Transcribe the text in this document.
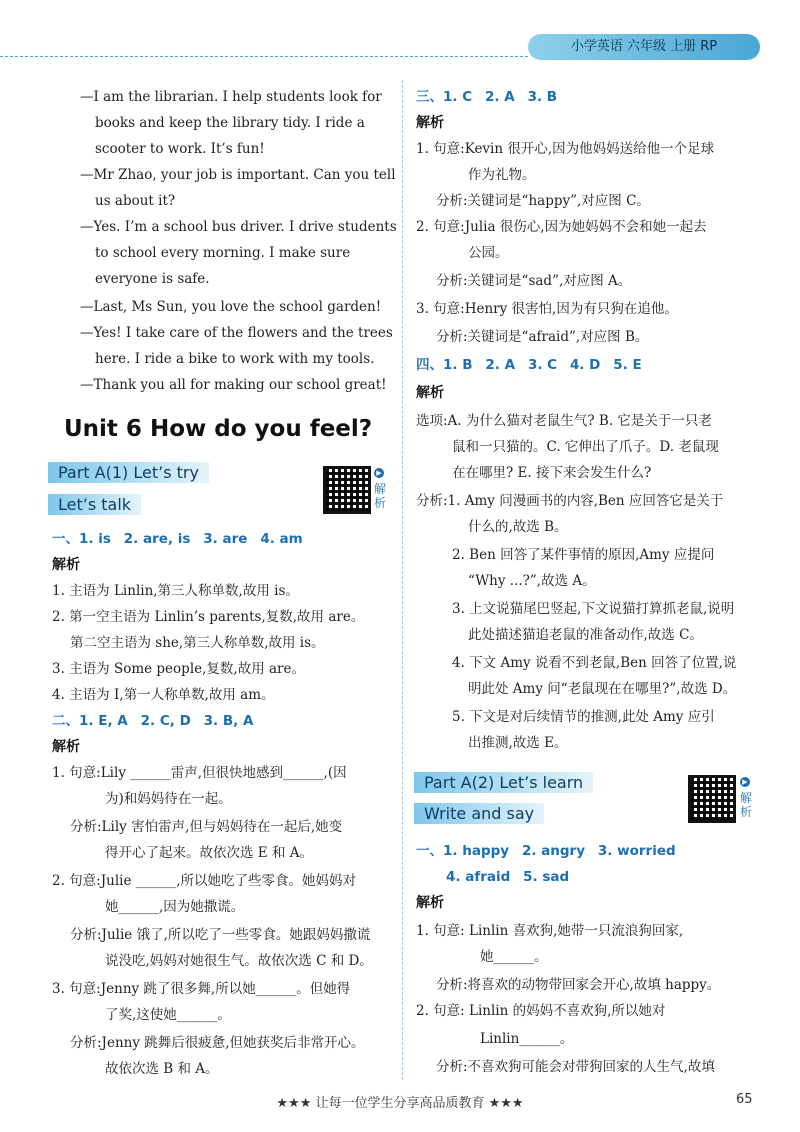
小学英语 六年级 上册 RP
—I am the librarian. I help students look for
books and keep the library tidy. I ride a
scooter to work. It’s fun!
—Mr Zhao, your job is important. Can you tell
us about it?
—Yes. I’m a school bus driver. I drive students
to school every morning. I make sure
everyone is safe.
—Last, Ms Sun, you love the school garden!
—Yes! I take care of the flowers and the trees
here. I ride a bike to work with my tools.
—Thank you all for making our school great!
Unit 6 How do you feel?
Part A(1) Let’s try
Let’s talk
▶
解析
一、1. is 2. are, is 3. are 4. am
解析
1. 主语为 Linlin,第三人称单数,故用 is。
2. 第一空主语为 Linlin’s parents,复数,故用 are。
第二空主语为 she,第三人称单数,故用 is。
3. 主语为 Some people,复数,故用 are。
4. 主语为 I,第一人称单数,故用 am。
二、1. E, A 2. C, D 3. B, A
解析
1. 句意:Lily ______雷声,但很快地感到______,(因
为)和妈妈待在一起。
分析:Lily 害怕雷声,但与妈妈待在一起后,她变
得开心了起来。故依次选 E 和 A。
2. 句意:Julie ______,所以她吃了些零食。她妈妈对
她______,因为她撒谎。
分析:Julie 饿了,所以吃了一些零食。她跟妈妈撒谎
说没吃,妈妈对她很生气。故依次选 C 和 D。
3. 句意:Jenny 跳了很多舞,所以她______。但她得
了奖,这使她______。
分析:Jenny 跳舞后很疲惫,但她获奖后非常开心。
故依次选 B 和 A。
三、1. C 2. A 3. B
解析
1. 句意:Kevin 很开心,因为他妈妈送给他一个足球
作为礼物。
分析:关键词是“happy”,对应图 C。
2. 句意:Julia 很伤心,因为她妈妈不会和她一起去
公园。
分析:关键词是“sad”,对应图 A。
3. 句意:Henry 很害怕,因为有只狗在追他。
分析:关键词是“afraid”,对应图 B。
四、1. B 2. A 3. C 4. D 5. E
解析
选项:A. 为什么猫对老鼠生气? B. 它是关于一只老
鼠和一只猫的。C. 它伸出了爪子。D. 老鼠现
在在哪里? E. 接下来会发生什么?
分析:1. Amy 问漫画书的内容,Ben 应回答它是关于
什么的,故选 B。
2. Ben 回答了某件事情的原因,Amy 应提问
“Why ...?”,故选 A。
3. 上文说猫尾巴竖起,下文说猫打算抓老鼠,说明
此处描述猫追老鼠的准备动作,故选 C。
4. 下文 Amy 说看不到老鼠,Ben 回答了位置,说
明此处 Amy 问“老鼠现在在哪里?”,故选 D。
5. 下文是对后续情节的推测,此处 Amy 应引
出推测,故选 E。
Part A(2) Let’s learn
Write and say
▶
解析
一、1. happy 2. angry 3. worried
4. afraid 5. sad
解析
1. 句意: Linlin 喜欢狗,她带一只流浪狗回家,
她______。
分析:将喜欢的动物带回家会开心,故填 happy。
2. 句意: Linlin 的妈妈不喜欢狗,所以她对
Linlin______。
分析:不喜欢狗可能会对带狗回家的人生气,故填
★★★ 让每一位学生分享高品质教育 ★★★	65
